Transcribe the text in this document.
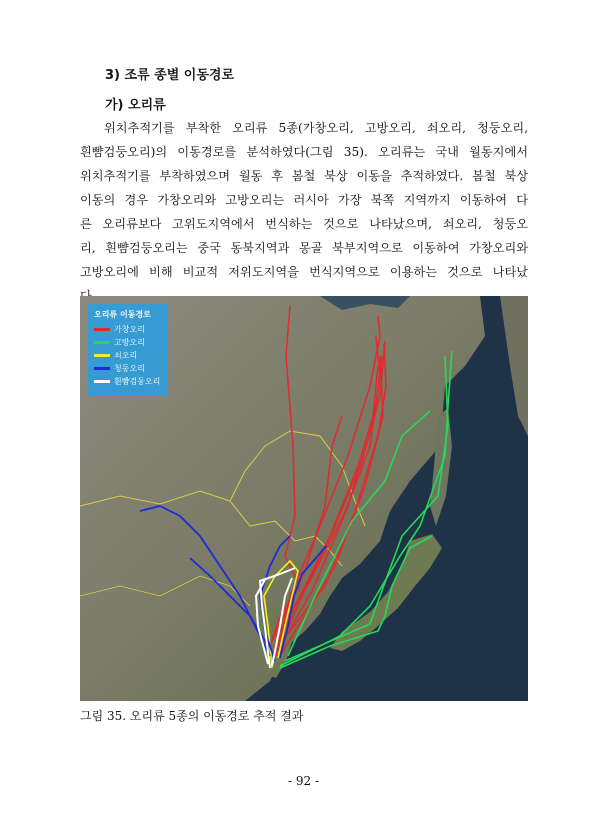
3) 조류 종별 이동경로
가) 오리류

위치추적기를 부착한 오리류 5종(가창오리, 고방오리, 쇠오리, 청둥오리,
흰뺨검둥오리)의 이동경로를 분석하였다(그림 35). 오리류는 국내 월동지에서
위치추적기를 부착하였으며 월동 후 봄철 북상 이동을 추적하였다. 봄철 북상
이동의 경우 가창오리와 고방오리는 러시아 가장 북쪽 지역까지 이동하여 다
른 오리류보다 고위도지역에서 번식하는 것으로 나타났으며, 쇠오리, 청둥오
리, 흰뺨검둥오리는 중국 동북지역과 몽골 북부지역으로 이동하여 가창오리와
고방오리에 비해 비교적 저위도지역을 번식지역으로 이용하는 것으로 나타났

오리류 이동경로
가창오리
고방오리
쇠오리
청둥오리
흰뺨검둥오리
그림 35. 오리류 5종의 이동경로 추적 결과
- 92 -
